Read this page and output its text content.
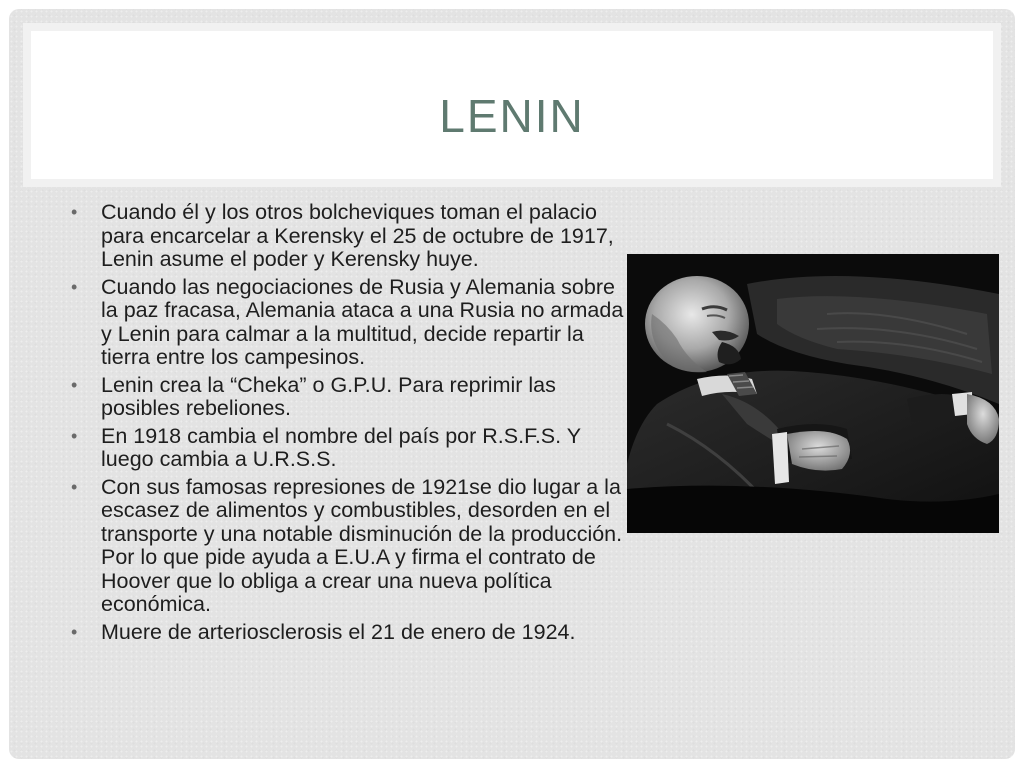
LENIN
• Cuando él y los otros bolcheviques toman el palacio para encarcelar a Kerensky el 25 de octubre de 1917, Lenin asume el poder y Kerensky huye.
• Cuando las negociaciones de Rusia y Alemania sobre la paz fracasa, Alemania ataca a una Rusia no armada y Lenin para calmar a la multitud, decide repartir la tierra entre los campesinos.
• Lenin crea la “Cheka” o G.P.U. Para reprimir las posibles rebeliones.
• En 1918 cambia el nombre del país por R.S.F.S. Y luego cambia a U.R.S.S.
• Con sus famosas represiones de 1921se dio lugar a la escasez de alimentos y combustibles, desorden en el transporte y una notable disminución de la producción. Por lo que pide ayuda a E.U.A y firma el contrato de Hoover que lo obliga a crear una nueva política económica.
• Muere de arteriosclerosis el 21 de enero de 1924.
